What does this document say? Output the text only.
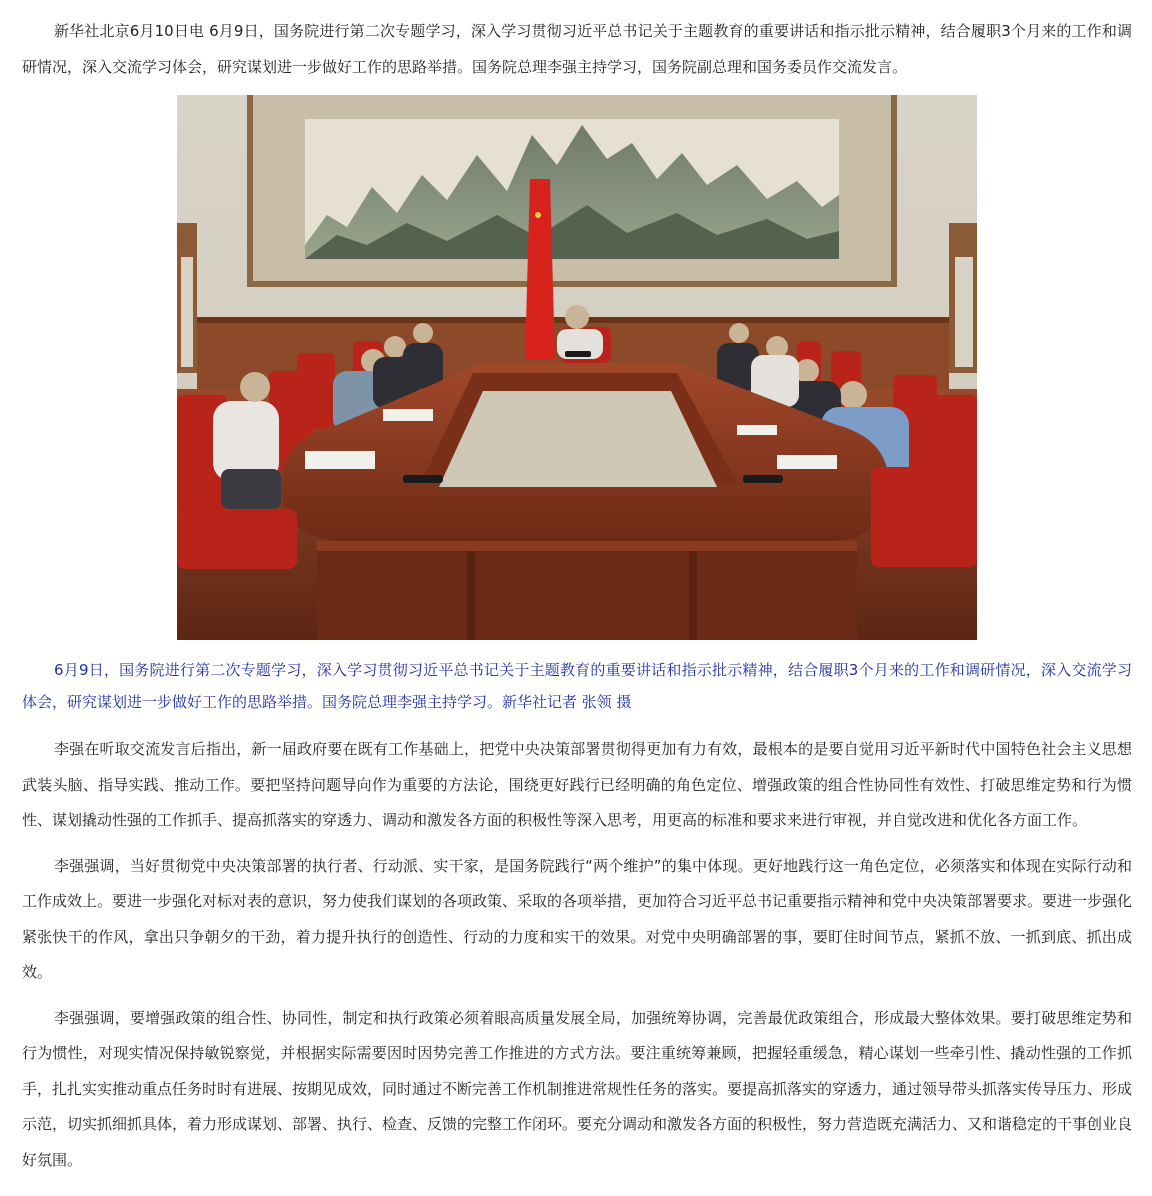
新华社北京6月10日电 6月9日，国务院进行第二次专题学习，深入学习贯彻习近平总书记关于主题教育的重要讲话和指示批示精神，结合履职3个月来的工作和调研情况，深入交流学习体会，研究谋划进一步做好工作的思路举措。国务院总理李强主持学习，国务院副总理和国务委员作交流发言。

6月9日，国务院进行第二次专题学习，深入学习贯彻习近平总书记关于主题教育的重要讲话和指示批示精神，结合履职3个月来的工作和调研情况，深入交流学习体会，研究谋划进一步做好工作的思路举措。国务院总理李强主持学习。新华社记者 张领 摄

李强在听取交流发言后指出，新一届政府要在既有工作基础上，把党中央决策部署贯彻得更加有力有效，最根本的是要自觉用习近平新时代中国特色社会主义思想武装头脑、指导实践、推动工作。要把坚持问题导向作为重要的方法论，围绕更好践行已经明确的角色定位、增强政策的组合性协同性有效性、打破思维定势和行为惯性、谋划撬动性强的工作抓手、提高抓落实的穿透力、调动和激发各方面的积极性等深入思考，用更高的标准和要求来进行审视，并自觉改进和优化各方面工作。

李强强调，当好贯彻党中央决策部署的执行者、行动派、实干家，是国务院践行“两个维护”的集中体现。更好地践行这一角色定位，必须落实和体现在实际行动和工作成效上。要进一步强化对标对表的意识，努力使我们谋划的各项政策、采取的各项举措，更加符合习近平总书记重要指示精神和党中央决策部署要求。要进一步强化紧张快干的作风，拿出只争朝夕的干劲，着力提升执行的创造性、行动的力度和实干的效果。对党中央明确部署的事，要盯住时间节点，紧抓不放、一抓到底、抓出成效。

李强强调，要增强政策的组合性、协同性，制定和执行政策必须着眼高质量发展全局，加强统筹协调，完善最优政策组合，形成最大整体效果。要打破思维定势和行为惯性，对现实情况保持敏锐察觉，并根据实际需要因时因势完善工作推进的方式方法。要注重统筹兼顾，把握轻重缓急，精心谋划一些牵引性、撬动性强的工作抓手，扎扎实实推动重点任务时时有进展、按期见成效，同时通过不断完善工作机制推进常规性任务的落实。要提高抓落实的穿透力，通过领导带头抓落实传导压力、形成示范，切实抓细抓具体，着力形成谋划、部署、执行、检查、反馈的完整工作闭环。要充分调动和激发各方面的积极性，努力营造既充满活力、又和谐稳定的干事创业良好氛围。
